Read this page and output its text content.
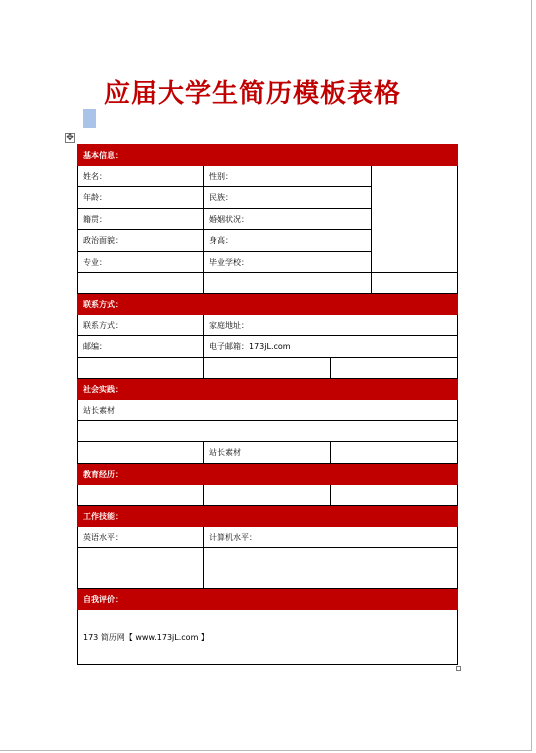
应届大学生简历模板表格
✥
基本信息：			
姓名：	性别：		
年龄：	民族：		
籍贯：	婚姻状况：		
政治面貌：	身高：		
专业：	毕业学校：		

联系方式：			
联系方式：	家庭地址：		
邮编：	电子邮箱：173jL.com		

社会实践：			
站长素材			

	站长素材		
教育经历：			

工作技能：			
英语水平：	计算机水平：		

自我评价：			
173 简历网【 www.173jL.com 】			
